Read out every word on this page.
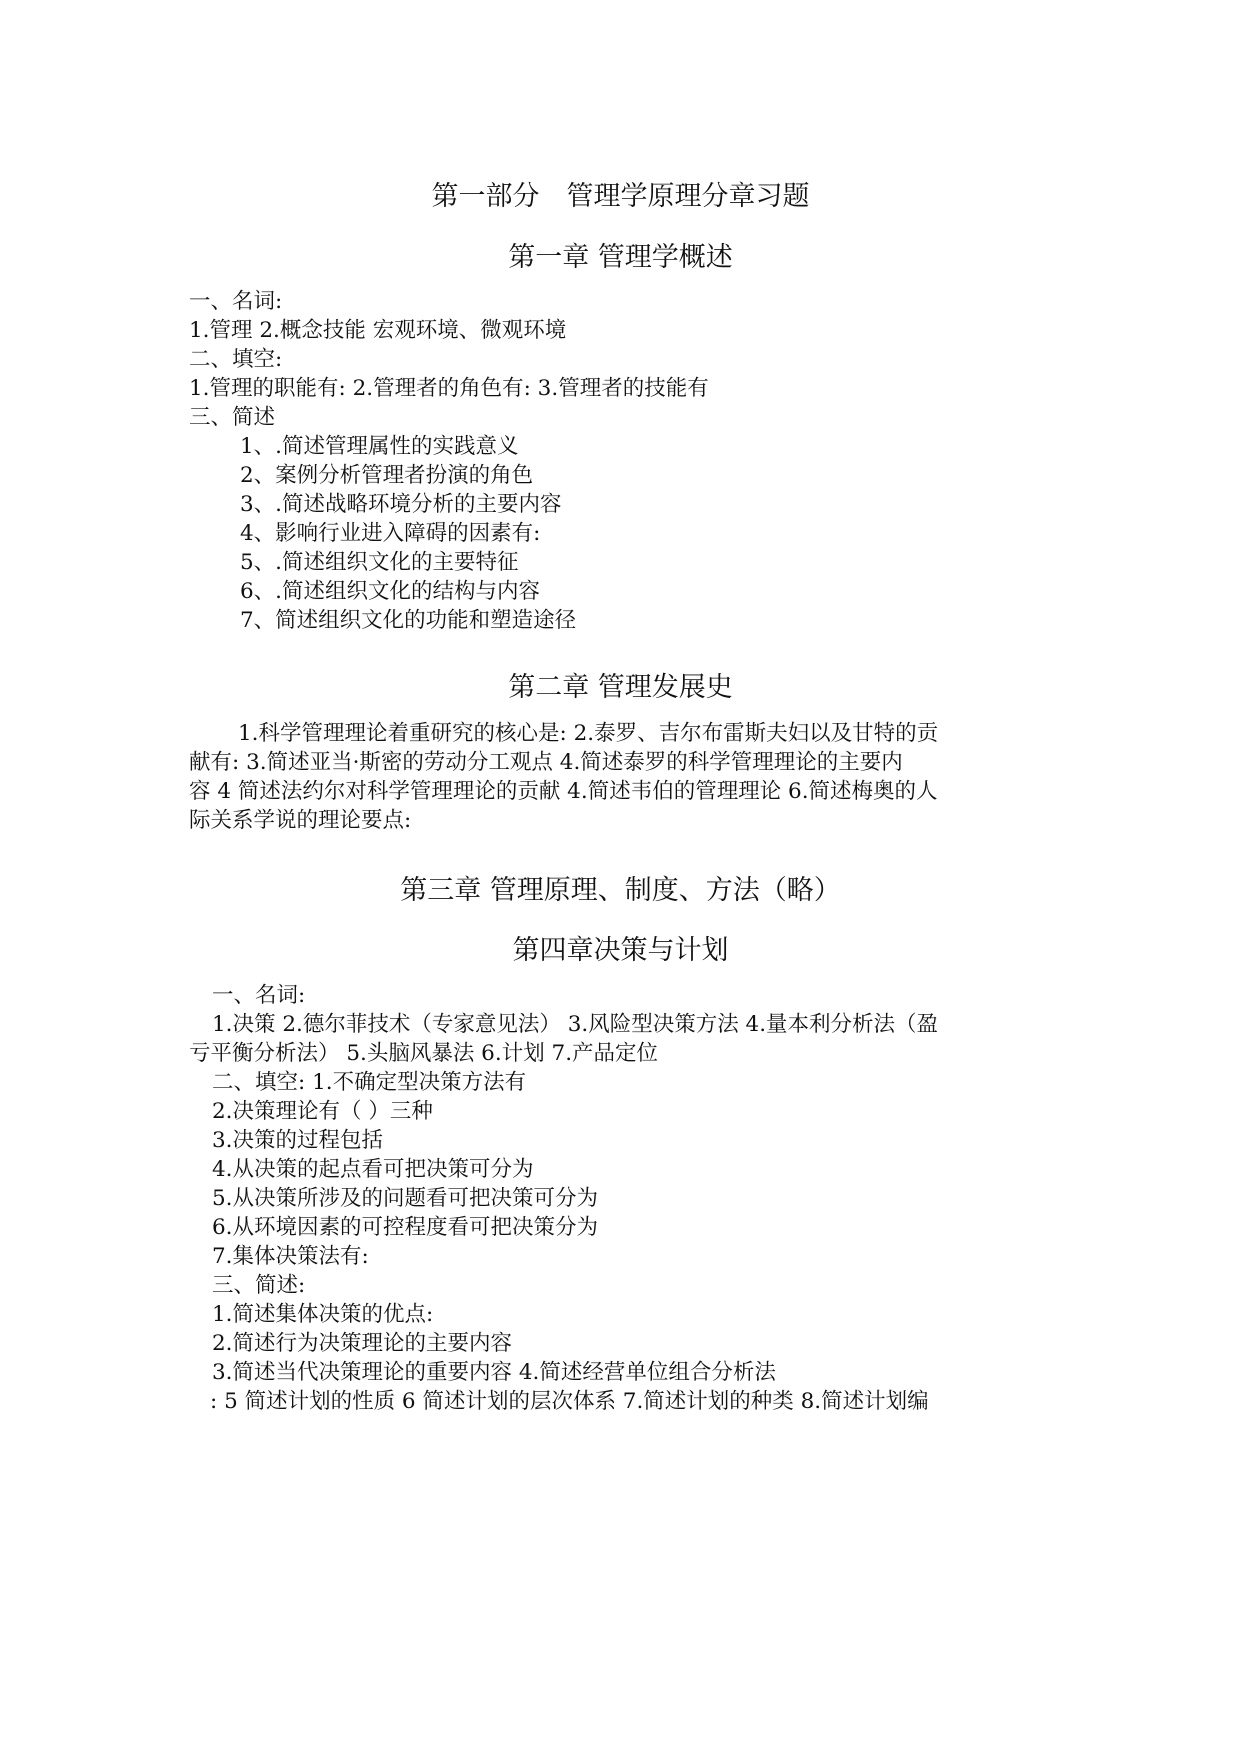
第一部分　管理学原理分章习题
第一章 管理学概述
一、名词:
1.管理 2.概念技能 宏观环境、微观环境
二、填空:
1.管理的职能有: 2.管理者的角色有: 3.管理者的技能有
三、简述
1、.简述管理属性的实践意义
2、案例分析管理者扮演的角色
3、.简述战略环境分析的主要内容
4、影响行业进入障碍的因素有:
5、.简述组织文化的主要特征
6、.简述组织文化的结构与内容
7、简述组织文化的功能和塑造途径
第二章 管理发展史
1.科学管理理论着重研究的核心是: 2.泰罗、吉尔布雷斯夫妇以及甘特的贡
献有: 3.简述亚当·斯密的劳动分工观点 4.简述泰罗的科学管理理论的主要内
容 4 简述法约尔对科学管理理论的贡献 4.简述韦伯的管理理论 6.简述梅奥的人
际关系学说的理论要点:
第三章 管理原理、制度、方法（略）
第四章决策与计划
一、名词:
1.决策 2.德尔菲技术（专家意见法） 3.风险型决策方法 4.量本利分析法（盈
亏平衡分析法） 5.头脑风暴法 6.计划 7.产品定位
二、填空: 1.不确定型决策方法有
2.决策理论有（ ）三种
3.决策的过程包括
4.从决策的起点看可把决策可分为
5.从决策所涉及的问题看可把决策可分为
6.从环境因素的可控程度看可把决策分为
7.集体决策法有:
三、简述:
1.简述集体决策的优点:
2.简述行为决策理论的主要内容
3.简述当代决策理论的重要内容 4.简述经营单位组合分析法
: 5 简述计划的性质 6 简述计划的层次体系 7.简述计划的种类 8.简述计划编
